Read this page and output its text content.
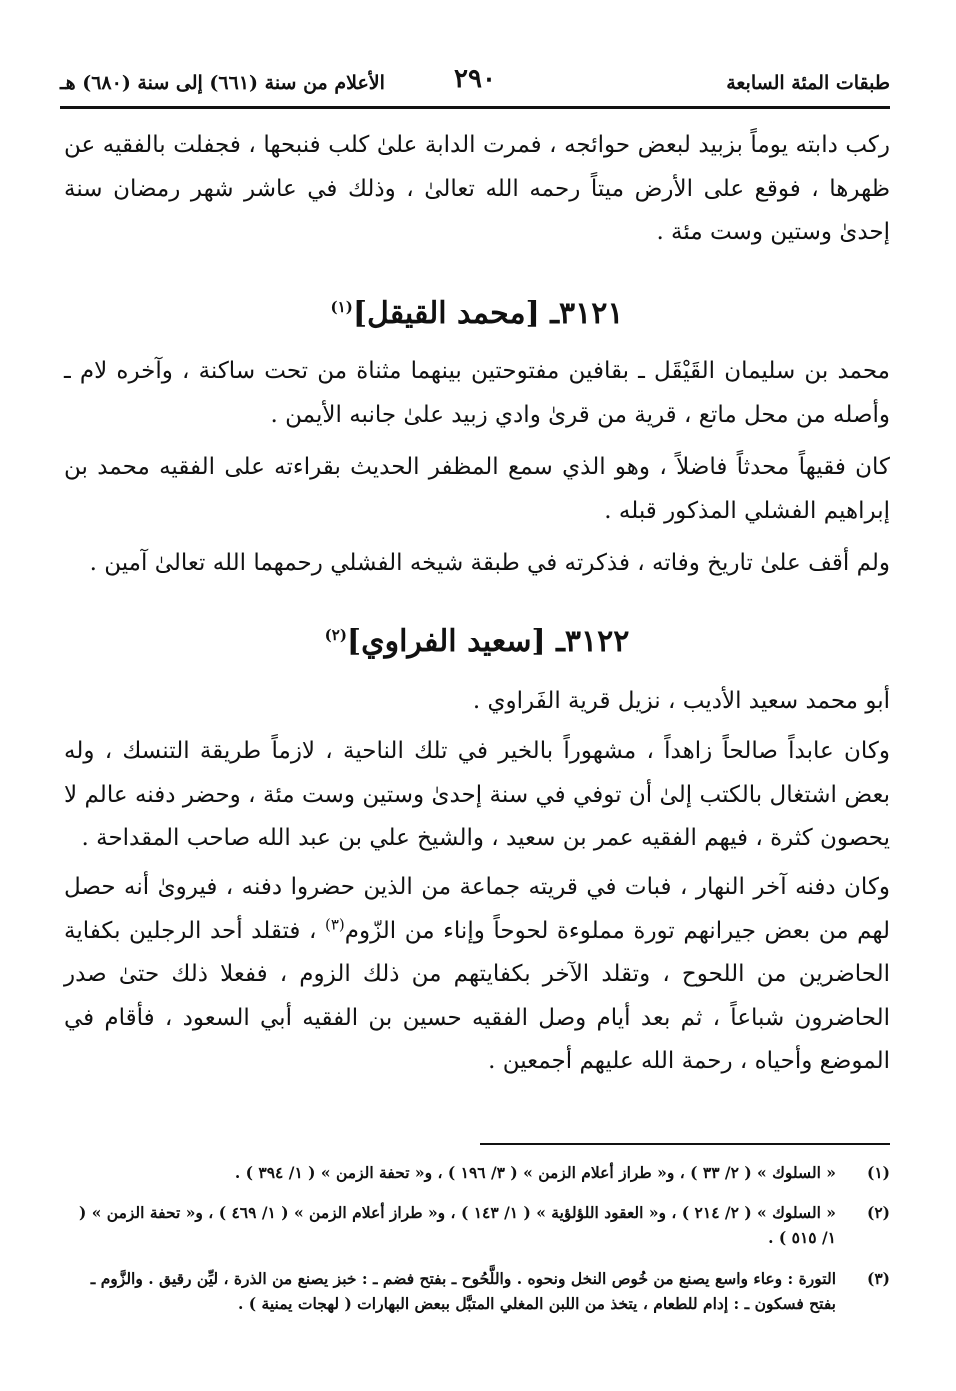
طبقات المئة السابعة
٢٩٠
الأعلام من سنة (٦٦١) إلى سنة (٦٨٠) هـ

ركب دابته يوماً بزبيد لبعض حوائجه ، فمرت الدابة علىٰ كلب فنبحها ، فجفلت بالفقيه عن ظهرها ، فوقع على الأرض ميتاً رحمه الله تعالىٰ ، وذلك في عاشر شهر رمضان سنة إحدىٰ وستين وست مئة .

٣١٢١ـ [محمد القيقل]$^{(١)}$

محمد بن سليمان القَيْقَل ـ بقافين مفتوحتين بينهما مثناة من تحت ساكنة ، وآخره لام ـ وأصله من محل ماتع ، قرية من قرىٰ وادي زبيد علىٰ جانبه الأيمن .

كان فقيهاً محدثاً فاضلاً ، وهو الذي سمع المظفر الحديث بقراءته على الفقيه محمد بن إبراهيم الفشلي المذكور قبله .

ولم أقف علىٰ تاريخ وفاته ، فذكرته في طبقة شيخه الفشلي رحمهما الله تعالىٰ آمين .

٣١٢٢ـ [سعيد الفراوي]$^{(٢)}$

أبو محمد سعيد الأديب ، نزيل قرية الفَراوي .

وكان عابداً صالحاً زاهداً ، مشهوراً بالخير في تلك الناحية ، لازماً طريقة التنسك ، وله بعض اشتغال بالكتب إلىٰ أن توفي في سنة إحدىٰ وستين وست مئة ، وحضر دفنه عالم لا يحصون كثرة ، فيهم الفقيه عمر بن سعيد ، والشيخ علي بن عبد الله صاحب المقداحة .

وكان دفنه آخر النهار ، فبات في قريته جماعة من الذين حضروا دفنه ، فيروىٰ أنه حصل لهم من بعض جيرانهم تورة مملوءة لحوحاً وإناء من الزّوم$^{(٣)}$ ، فتقلد أحد الرجلين بكفاية الحاضرين من اللحوح ، وتقلد الآخر بكفايتهم من ذلك الزوم ، ففعلا ذلك حتىٰ صدر الحاضرون شباعاً ، ثم بعد أيام وصل الفقيه حسين بن الفقيه أبي السعود ، فأقام في الموضع وأحياه ، رحمة الله عليهم أجمعين .

(١)
« السلوك » ( ٢/ ٣٣ ) ، و« طراز أعلام الزمن » ( ٣/ ١٩٦ ) ، و« تحفة الزمن » ( ١/ ٣٩٤ ) .
(٢)
« السلوك » ( ٢/ ٢١٤ ) ، و« العقود اللؤلؤية » ( ١/ ١٤٣ ) ، و« طراز أعلام الزمن » ( ١/ ٤٦٩ ) ، و« تحفة الزمن » ( ١/ ٥١٥ ) .
(٣)
التورة : وعاء واسع يصنع من خُوص النخل ونحوه . واللَّحُوح ـ بفتح فضم ـ : خبز يصنع من الذرة ، ليِّن رقيق . والزَّوم ـ بفتح فسكون ـ : إدام للطعام ، يتخذ من اللبن المغلي المتبَّل ببعض البهارات ( لهجات يمنية ) .
